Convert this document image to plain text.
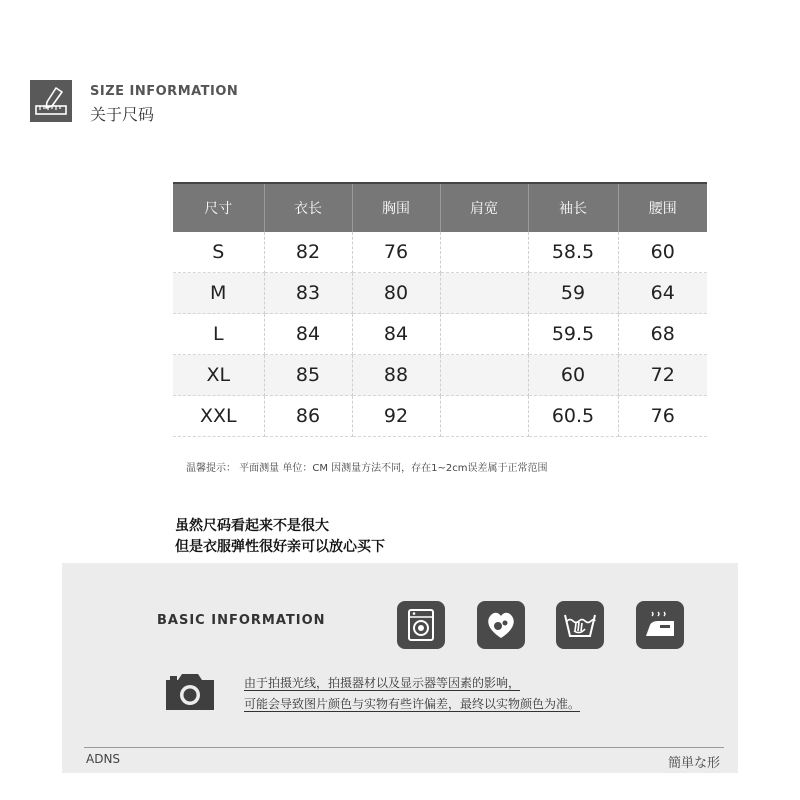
SIZE INFORMATION
关于尺码
尺寸	衣长	胸围	肩宽	袖长	腰围
S	82	76		58.5	60
M	83	80		59	64
L	84	84		59.5	68
XL	85	88		60	72
XXL	86	92		60.5	76
温馨提示： 平面测量 单位：CM 因测量方法不同，存在1~2cm误差属于正常范围
虽然尺码看起来不是很大
但是衣服弹性很好亲可以放心买下
BASIC INFORMATION
由于拍摄光线，拍摄器材以及显示器等因素的影响，
可能会导致图片颜色与实物有些许偏差，最终以实物颜色为准。
ADNS	簡単な形
